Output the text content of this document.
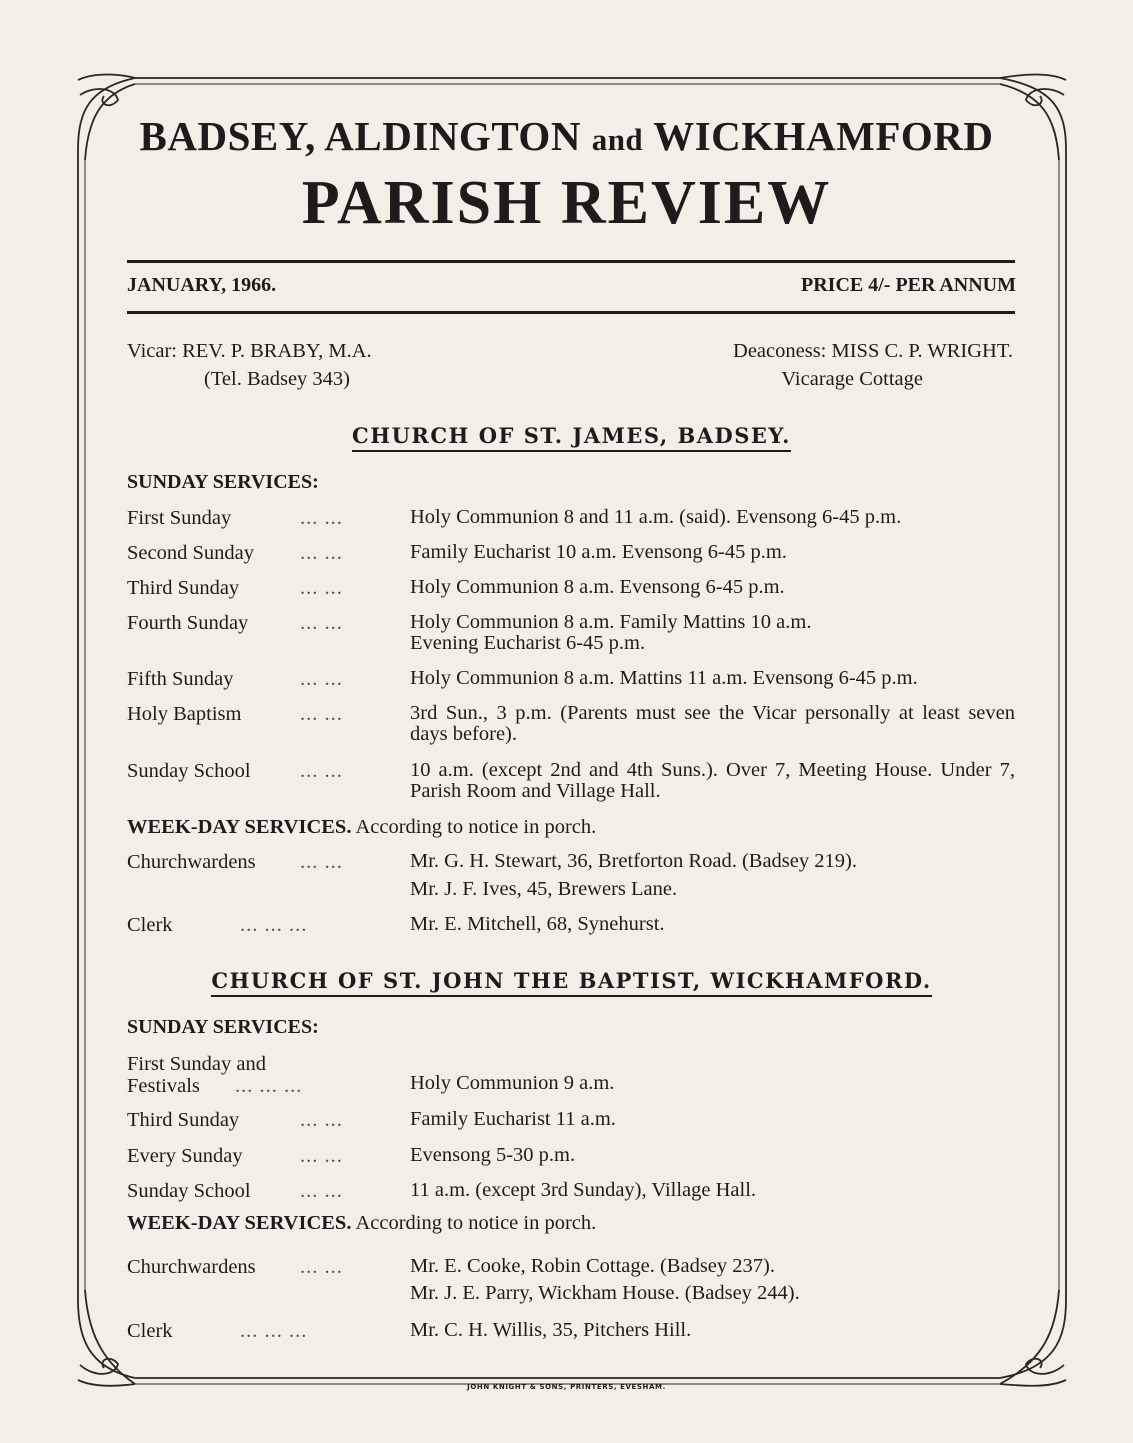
BADSEY, ALDINGTON and WICKHAMFORD
PARISH REVIEW
JANUARY, 1966.	PRICE 4/- PER ANNUM
Vicar: REV. P. BRABY, M.A.
(Tel. Badsey 343)
Deaconess: MISS C. P. WRIGHT.
Vicarage Cottage
CHURCH OF ST. JAMES, BADSEY.
SUNDAY SERVICES:
First Sunday	... ...	Holy Communion 8 and 11 a.m. (said). Evensong 6-45 p.m.
Second Sunday ... ...	Family Eucharist 10 a.m. Evensong 6-45 p.m.
Third Sunday	... ...	Holy Communion 8 a.m. Evensong 6-45 p.m.
Fourth Sunday	... ...	Holy Communion 8 a.m. Family Mattins 10 a.m.
Evening Eucharist 6-45 p.m.
Fifth Sunday	... ...	Holy Communion 8 a.m. Mattins 11 a.m. Evensong 6-45 p.m.
Holy Baptism	... ...	3rd Sun., 3 p.m. (Parents must see the Vicar personally at least seven days before).
Sunday School ... ...	10 a.m. (except 2nd and 4th Suns.). Over 7, Meeting House. Under 7, Parish Room and Village Hall.
WEEK-DAY SERVICES. According to notice in porch.
Churchwardens ... ...	Mr. G. H. Stewart, 36, Bretforton Road. (Badsey 219).
Mr. J. F. Ives, 45, Brewers Lane.
Clerk	... ... ...	Mr. E. Mitchell, 68, Synehurst.
CHURCH OF ST. JOHN THE BAPTIST, WICKHAMFORD.
SUNDAY SERVICES:
First Sunday and
Festivals	... ... ...	Holy Communion 9 a.m.
Third Sunday	... ...	Family Eucharist 11 a.m.
Every Sunday	... ...	Evensong 5-30 p.m.
Sunday School ... ...	11 a.m. (except 3rd Sunday), Village Hall.
WEEK-DAY SERVICES. According to notice in porch.
Churchwardens ... ...	Mr. E. Cooke, Robin Cottage. (Badsey 237).
Mr. J. E. Parry, Wickham House. (Badsey 244).
Clerk	... ... ...	Mr. C. H. Willis, 35, Pitchers Hill.
JOHN KNIGHT & SONS, PRINTERS, EVESHAM.
